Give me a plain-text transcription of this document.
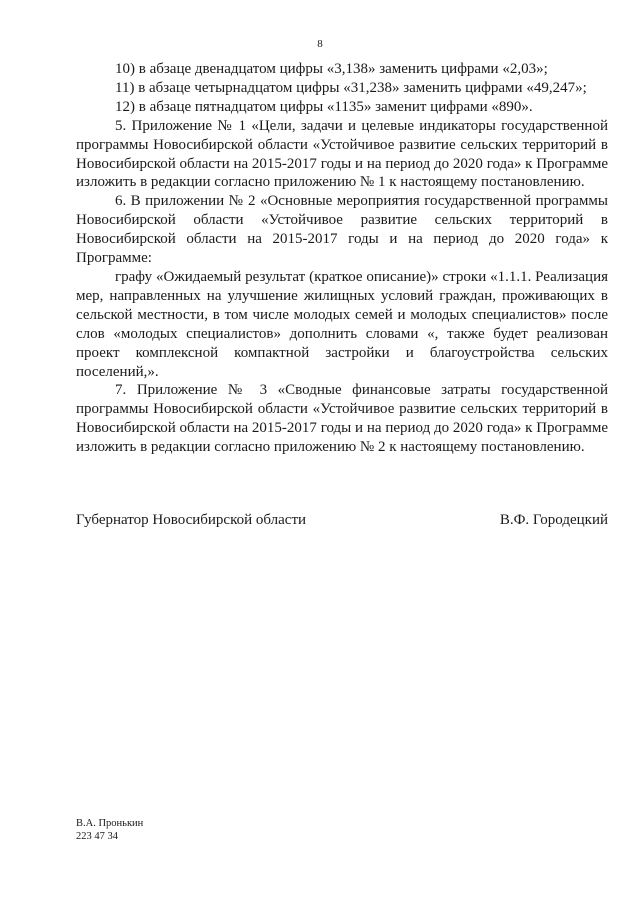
8

10) в абзаце двенадцатом цифры «3,138» заменить цифрами «2,03»;

11) в абзаце четырнадцатом цифры «31,238» заменить цифрами «49,247»;

12) в абзаце пятнадцатом цифры «1135» заменит цифрами «890».

5. Приложение № 1 «Цели, задачи и целевые индикаторы государственной программы Новосибирской области «Устойчивое развитие сельских территорий в Новосибирской области на 2015-2017 годы и на период до 2020 года» к Программе изложить в редакции согласно приложению № 1 к настоящему постановлению.

6. В приложении № 2 «Основные мероприятия государственной программы Новосибирской области «Устойчивое развитие сельских территорий в Новосибирской области на 2015-2017 годы и на период до 2020 года» к Программе:

графу «Ожидаемый результат (краткое описание)» строки «1.1.1. Реализация мер, направленных на улучшение жилищных условий граждан, проживающих в сельской местности, в том числе молодых семей и молодых специалистов» после слов «молодых специалистов» дополнить словами «, также будет реализован проект комплексной компактной застройки и благоустройства сельских поселений,».

7. Приложение № 3 «Сводные финансовые затраты государственной программы Новосибирской области «Устойчивое развитие сельских территорий в Новосибирской области на 2015-2017 годы и на период до 2020 года» к Программе изложить в редакции согласно приложению № 2 к настоящему постановлению.

Губернатор Новосибирской области	В.Ф. Городецкий
В.А. Пронькин
223 47 34
